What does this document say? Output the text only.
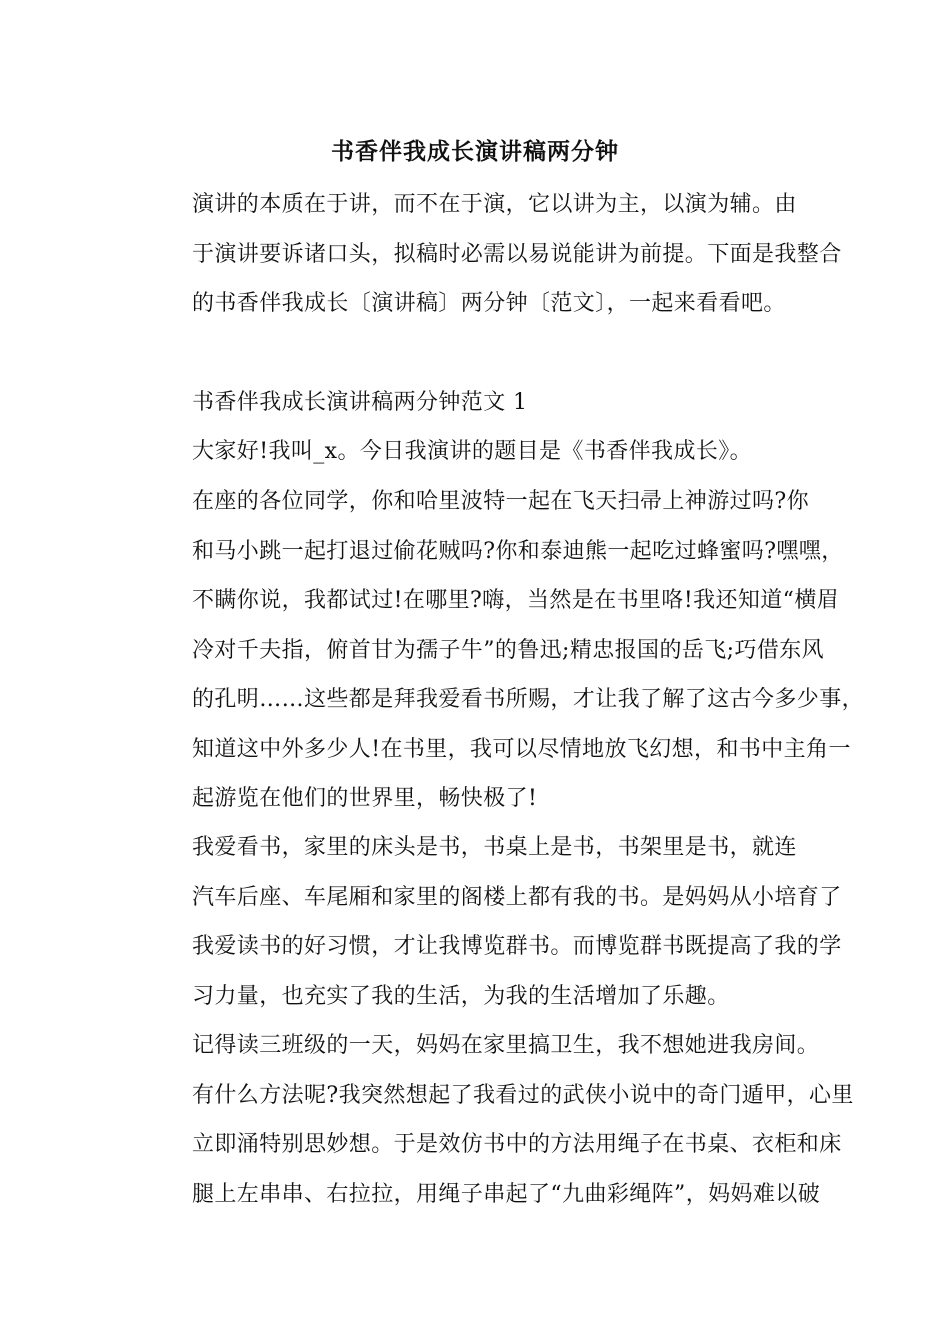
书香伴我成长演讲稿两分钟

演讲的本质在于讲，而不在于演，它以讲为主，以演为辅。由
于演讲要诉诸口头，拟稿时必需以易说能讲为前提。下面是我整合
的书香伴我成长〔演讲稿〕两分钟〔范文〕，一起来看看吧。

书香伴我成长演讲稿两分钟范文 1

大家好!我叫_x。今日我演讲的题目是《书香伴我成长》。

在座的各位同学，你和哈里波特一起在飞天扫帚上神游过吗?你
和马小跳一起打退过偷花贼吗?你和泰迪熊一起吃过蜂蜜吗?嘿嘿，
不瞒你说，我都试过!在哪里?嗨，当然是在书里咯!我还知道“横眉
冷对千夫指，俯首甘为孺子牛”的鲁迅;精忠报国的岳飞;巧借东风
的孔明……这些都是拜我爱看书所赐，才让我了解了这古今多少事，
知道这中外多少人!在书里，我可以尽情地放飞幻想，和书中主角一
起游览在他们的世界里，畅快极了!

我爱看书，家里的床头是书，书桌上是书，书架里是书，就连
汽车后座、车尾厢和家里的阁楼上都有我的书。是妈妈从小培育了
我爱读书的好习惯，才让我博览群书。而博览群书既提高了我的学
习力量，也充实了我的生活，为我的生活增加了乐趣。

记得读三班级的一天，妈妈在家里搞卫生，我不想她进我房间。
有什么方法呢?我突然想起了我看过的武侠小说中的奇门遁甲，心里
立即涌特别思妙想。于是效仿书中的方法用绳子在书桌、衣柜和床
腿上左串串、右拉拉，用绳子串起了“九曲彩绳阵”，妈妈难以破
